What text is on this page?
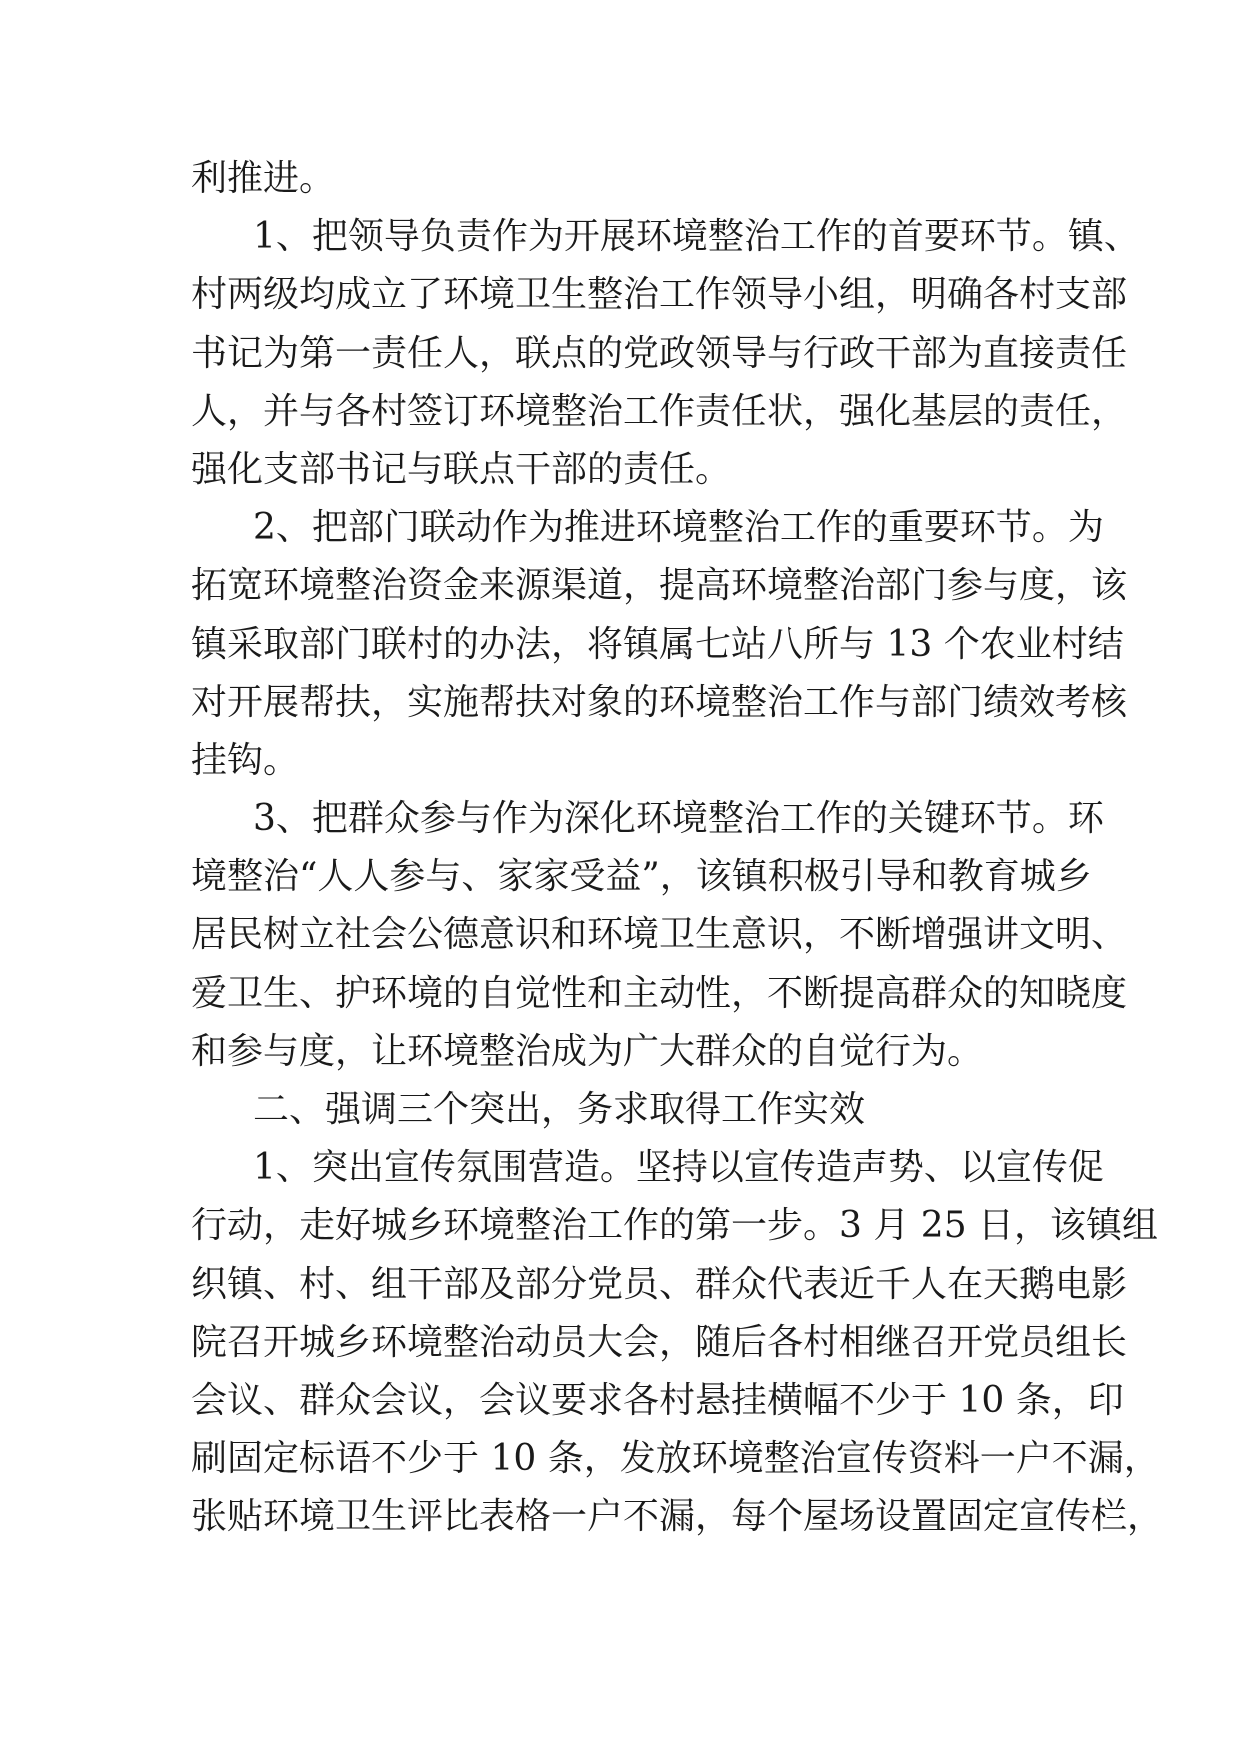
利推进。
1、把领导负责作为开展环境整治工作的首要环节。镇、
村两级均成立了环境卫生整治工作领导小组，明确各村支部
书记为第一责任人，联点的党政领导与行政干部为直接责任
人，并与各村签订环境整治工作责任状，强化基层的责任，
强化支部书记与联点干部的责任。
2、把部门联动作为推进环境整治工作的重要环节。为
拓宽环境整治资金来源渠道，提高环境整治部门参与度，该
镇采取部门联村的办法，将镇属七站八所与 13 个农业村结
对开展帮扶，实施帮扶对象的环境整治工作与部门绩效考核
挂钩。
3、把群众参与作为深化环境整治工作的关键环节。环
境整治“人人参与、家家受益”，该镇积极引导和教育城乡
居民树立社会公德意识和环境卫生意识，不断增强讲文明、
爱卫生、护环境的自觉性和主动性，不断提高群众的知晓度
和参与度，让环境整治成为广大群众的自觉行为。
二、强调三个突出，务求取得工作实效
1、突出宣传氛围营造。坚持以宣传造声势、以宣传促
行动，走好城乡环境整治工作的第一步。3 月 25 日，该镇组
织镇、村、组干部及部分党员、群众代表近千人在天鹅电影
院召开城乡环境整治动员大会，随后各村相继召开党员组长
会议、群众会议，会议要求各村悬挂横幅不少于 10 条，印
刷固定标语不少于 10 条，发放环境整治宣传资料一户不漏，
张贴环境卫生评比表格一户不漏，每个屋场设置固定宣传栏，
